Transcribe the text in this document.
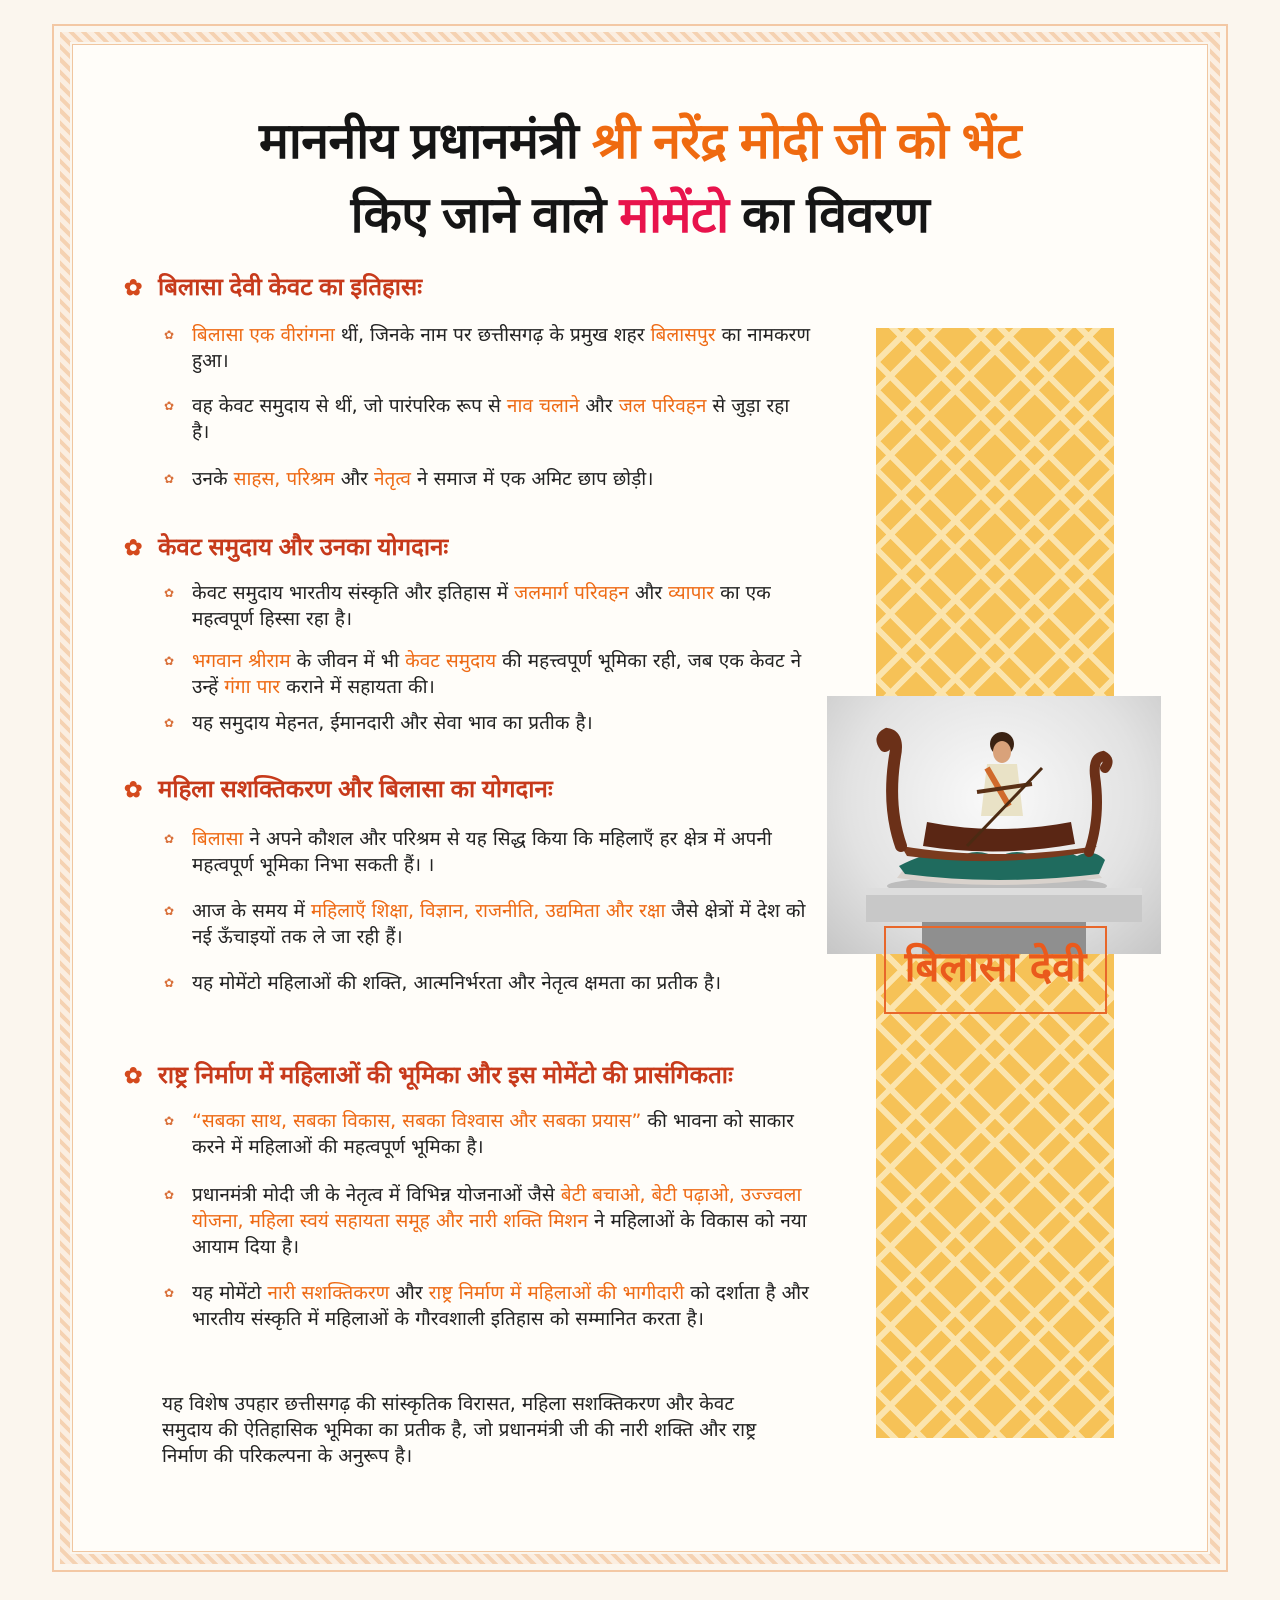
माननीय प्रधानमंत्री श्री नरेंद्र मोदी जी को भेंट
किए जाने वाले मोमेंटो का विवरण
बिलासा देवी
✿ बिलासा देवी केवट का इतिहासः
✿ बिलासा एक वीरांगना थीं, जिनके नाम पर छत्तीसगढ़ के प्रमुख शहर बिलासपुर का नामकरण हुआ।
✿ वह केवट समुदाय से थीं, जो पारंपरिक रूप से नाव चलाने और जल परिवहन से जुड़ा रहा है।
✿ उनके साहस, परिश्रम और नेतृत्व ने समाज में एक अमिट छाप छोड़ी।
✿ केवट समुदाय और उनका योगदानः
✿ केवट समुदाय भारतीय संस्कृति और इतिहास में जलमार्ग परिवहन और व्यापार का एक महत्वपूर्ण हिस्सा रहा है।
✿ भगवान श्रीराम के जीवन में भी केवट समुदाय की महत्त्वपूर्ण भूमिका रही, जब एक केवट ने उन्हें गंगा पार कराने में सहायता की।
✿ यह समुदाय मेहनत, ईमानदारी और सेवा भाव का प्रतीक है।
✿ महिला सशक्तिकरण और बिलासा का योगदानः
✿ बिलासा ने अपने कौशल और परिश्रम से यह सिद्ध किया कि महिलाएँ हर क्षेत्र में अपनी महत्वपूर्ण भूमिका निभा सकती हैं। ।
✿ आज के समय में महिलाएँ शिक्षा, विज्ञान, राजनीति, उद्यमिता और रक्षा जैसे क्षेत्रों में देश को नई ऊँचाइयों तक ले जा रही हैं।
✿ यह मोमेंटो महिलाओं की शक्ति, आत्मनिर्भरता और नेतृत्व क्षमता का प्रतीक है।
✿ राष्ट्र निर्माण में महिलाओं की भूमिका और इस मोमेंटो की प्रासंगिकताः
✿ “सबका साथ, सबका विकास, सबका विश्वास और सबका प्रयास” की भावना को साकार करने में महिलाओं की महत्वपूर्ण भूमिका है।
✿ प्रधानमंत्री मोदी जी के नेतृत्व में विभिन्न योजनाओं जैसे बेटी बचाओ, बेटी पढ़ाओ, उज्ज्वला योजना, महिला स्वयं सहायता समूह और नारी शक्ति मिशन ने महिलाओं के विकास को नया आयाम दिया है।
✿ यह मोमेंटो नारी सशक्तिकरण और राष्ट्र निर्माण में महिलाओं की भागीदारी को दर्शाता है और भारतीय संस्कृति में महिलाओं के गौरवशाली इतिहास को सम्मानित करता है।
यह विशेष उपहार छत्तीसगढ़ की सांस्कृतिक विरासत, महिला सशक्तिकरण और केवट समुदाय की ऐतिहासिक भूमिका का प्रतीक है, जो प्रधानमंत्री जी की नारी शक्ति और राष्ट्र निर्माण की परिकल्पना के अनुरूप है।
